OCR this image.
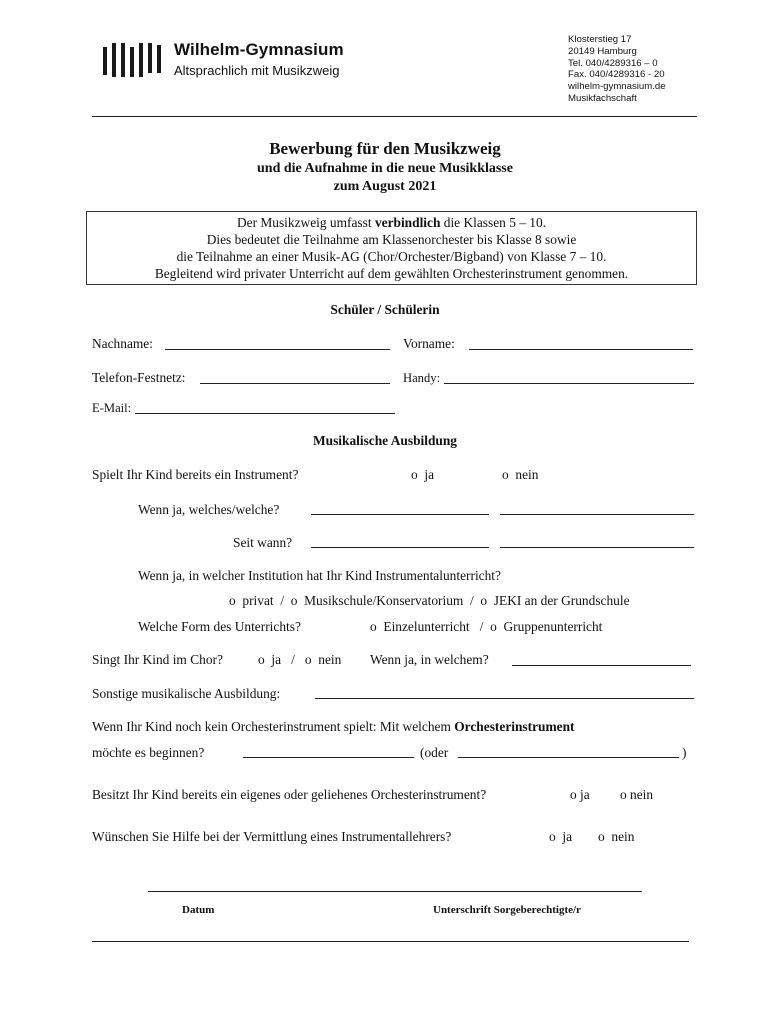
Wilhelm-Gymnasium
Altsprachlich mit Musikzweig
Klosterstieg 17
20149 Hamburg
Tel. 040/4289316 – 0
Fax. 040/4289316 - 20
wilhelm-gymnasium.de
Musikfachschaft
Bewerbung für den Musikzweig
und die Aufnahme in die neue Musikklasse
zum August 2021
Der Musikzweig umfasst verbindlich die Klassen 5 – 10.
Dies bedeutet die Teilnahme am Klassenorchester bis Klasse 8 sowie
die Teilnahme an einer Musik-AG (Chor/Orchester/Bigband) von Klasse 7 – 10.
Begleitend wird privater Unterricht auf dem gewählten Orchesterinstrument genommen.
Schüler / Schülerin
Nachname:	Vorname:
Telefon-Festnetz:	Handy:
E-Mail:
Musikalische Ausbildung
Spielt Ihr Kind bereits ein Instrument?	o  ja	o  nein
Wenn ja, welches/welche?
Seit wann?
Wenn ja, in welcher Institution hat Ihr Kind Instrumentalunterricht?
o  privat  /  o  Musikschule/Konservatorium  /  o  JEKI an der Grundschule
Welche Form des Unterrichts?	o  Einzelunterricht   /  o  Gruppenunterricht
Singt Ihr Kind im Chor?	o  ja   /   o  nein Wenn ja, in welchem?
Sonstige musikalische Ausbildung:
Wenn Ihr Kind noch kein Orchesterinstrument spielt: Mit welchem Orchesterinstrument
möchte es beginnen?	(oder	)
Besitzt Ihr Kind bereits ein eigenes oder geliehenes Orchesterinstrument?	o ja o nein
Wünschen Sie Hilfe bei der Vermittlung eines Instrumentallehrers?	o  ja o  nein
Datum	Unterschrift Sorgeberechtigte/r
